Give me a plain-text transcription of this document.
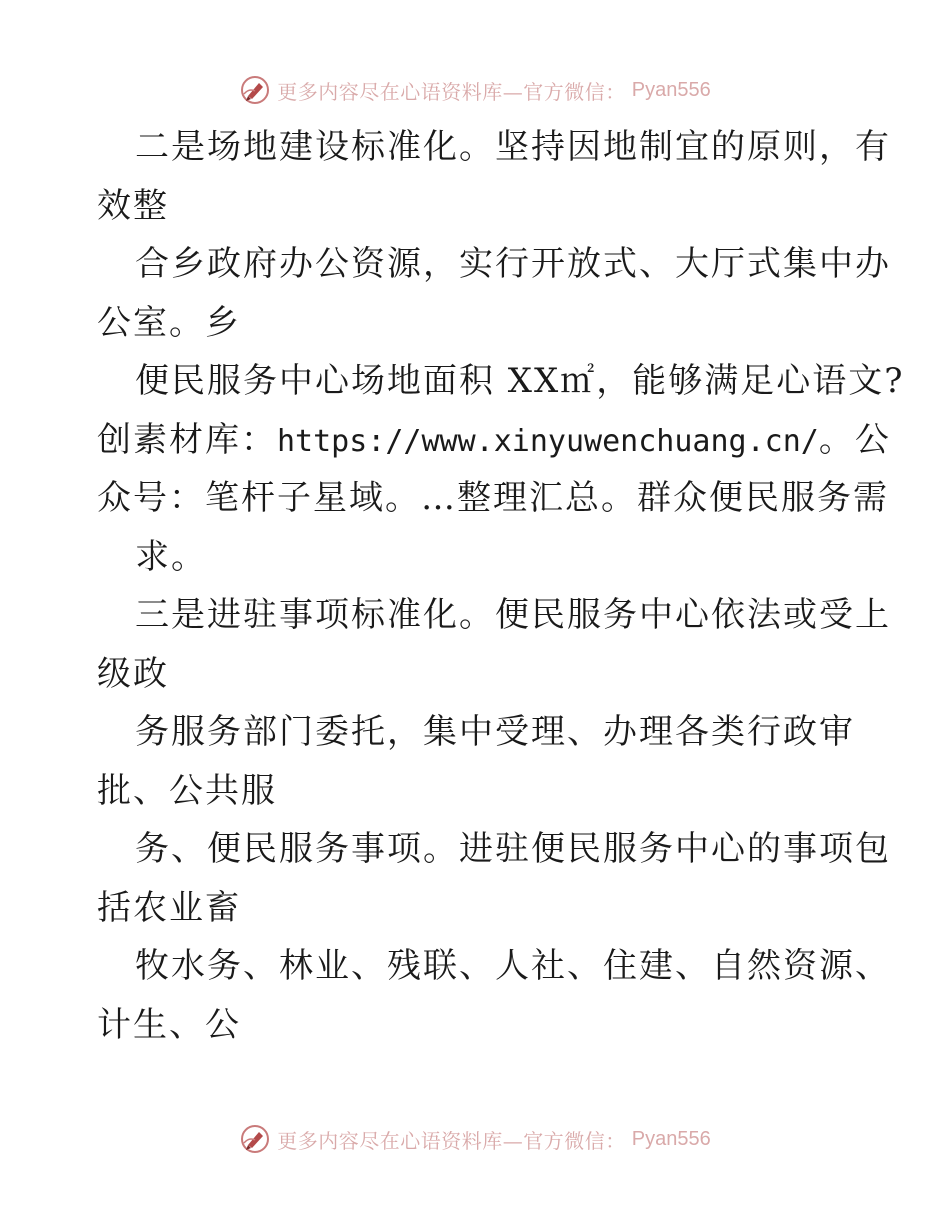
更多内容尽在心语资料库—官方微信： Pyan556
二是场地建设标准化。坚持因地制宜的原则，有
效整
合乡政府办公资源，实行开放式、大厅式集中办
公室。乡
便民服务中心场地面积 XX㎡，能够满足心语文?
创素材库：https://www.xinyuwenchuang.cn/。公
众号：笔杆子星域。…整理汇总。群众便民服务需
求。
三是进驻事项标准化。便民服务中心依法或受上
级政
务服务部门委托，集中受理、办理各类行政审
批、公共服
务、便民服务事项。进驻便民服务中心的事项包
括农业畜
牧水务、林业、残联、人社、住建、自然资源、
计生、公
更多内容尽在心语资料库—官方微信： Pyan556
